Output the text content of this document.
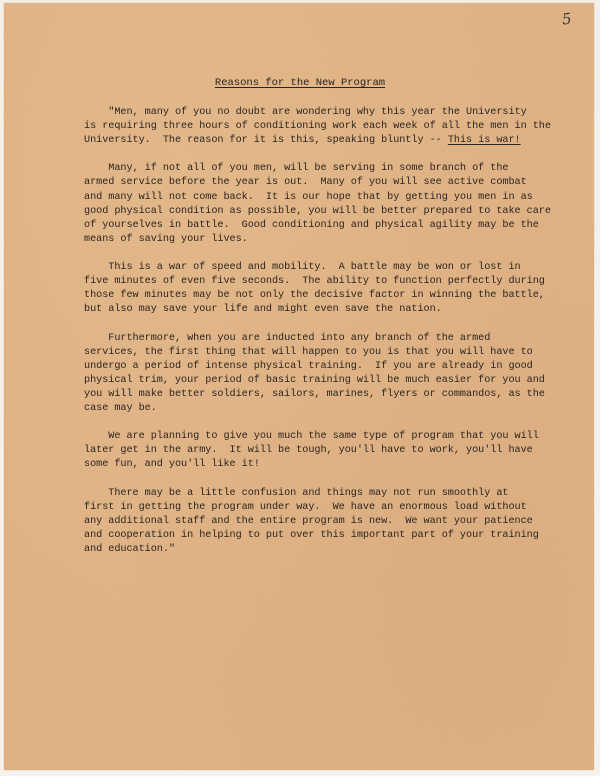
5
Reasons for the New Program

"Men, many of you no doubt are wondering why this year the University
is requiring three hours of conditioning work each week of all the men in the
University.  The reason for it is this, speaking bluntly -- This is war!

Many, if not all of you men, will be serving in some branch of the
armed service before the year is out.  Many of you will see active combat
and many will not come back.  It is our hope that by getting you men in as
good physical condition as possible, you will be better prepared to take care
of yourselves in battle.  Good conditioning and physical agility may be the
means of saving your lives.

This is a war of speed and mobility.  A battle may be won or lost in
five minutes of even five seconds.  The ability to function perfectly during
those few minutes may be not only the decisive factor in winning the battle,
but also may save your life and might even save the nation.

Furthermore, when you are inducted into any branch of the armed
services, the first thing that will happen to you is that you will have to
undergo a period of intense physical training.  If you are already in good
physical trim, your period of basic training will be much easier for you and
you will make better soldiers, sailors, marines, flyers or commandos, as the
case may be.

We are planning to give you much the same type of program that you will
later get in the army.  It will be tough, you'll have to work, you'll have
some fun, and you'll like it!

There may be a little confusion and things may not run smoothly at
first in getting the program under way.  We have an enormous load without
any additional staff and the entire program is new.  We want your patience
and cooperation in helping to put over this important part of your training
and education."
